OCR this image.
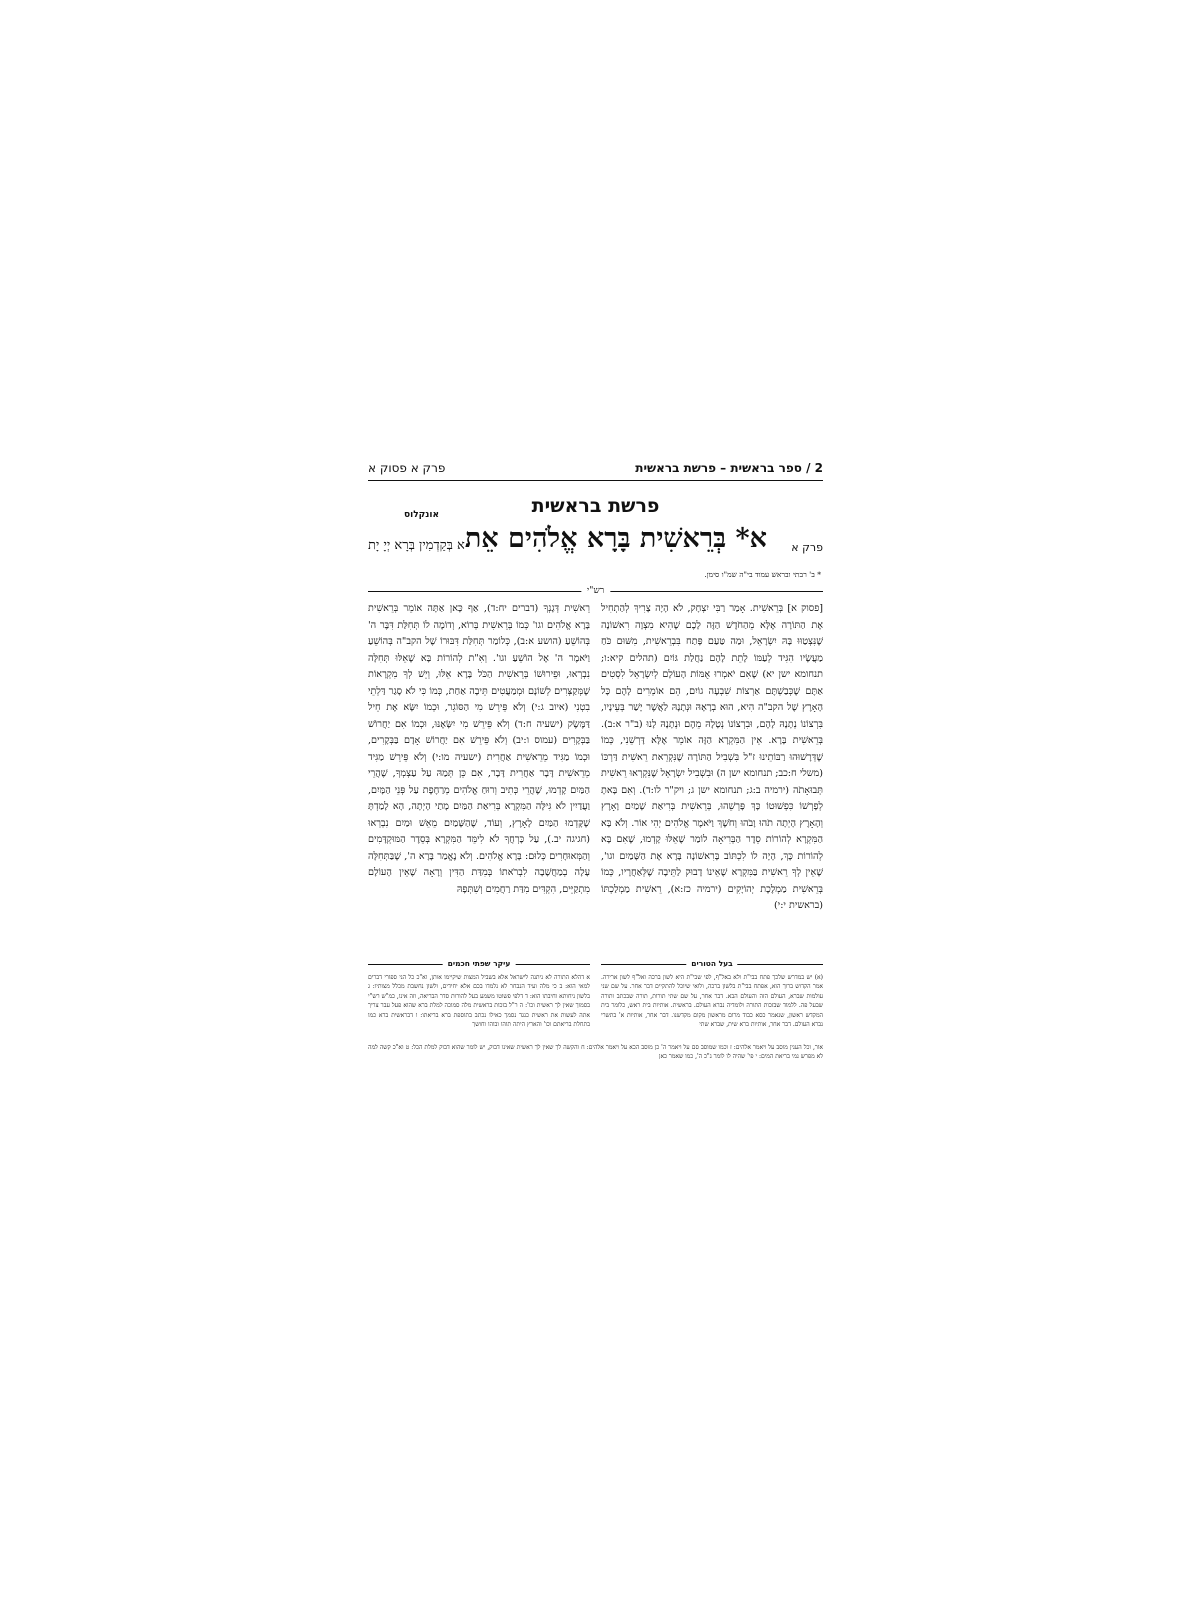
2 / ספר בראשית – פרשת בראשית
פרק א פסוק א
פרשת בראשית
אונקלוס
פרק א
א* בְּרֵאשִׁית בָּרָא אֱלֹהִים אֵת
א בְּקַדְמִין בְּרָא יְיָ יָת
* ב' רבתי ובראש עמוד בי"ה שמ"ו סימן.
רש"י
[פסוק א] בְּרֵאשִׁית. אָמַר רַבִּי יִצְחָק, לֹא הָיָה צָרִיךְ לְהַתְחִיל אֶת הַתּוֹרָה אֶלָּא מֵהַחֹדֶשׁ הַזֶּה לָכֶם שֶׁהִיא מִצְוָה רִאשׁוֹנָה שֶׁנִּצְטַוּוּ בָּהּ יִשְׂרָאֵל, וּמַה טַּעַם פָּתַח בִּבְרֵאשִׁית, מִשּׁוּם כֹּחַ מַעֲשָׂיו הִגִּיד לְעַמּוֹ לָתֵת לָהֶם נַחֲלַת גּוֹיִם (תהלים קיא:ו; תנחומא ישן יא) שֶׁאִם יֹאמְרוּ אֻמּוֹת הָעוֹלָם לְיִשְׂרָאֵל לִסְטִים אַתֶּם שֶׁכְּבַשְׁתֶּם אַרְצוֹת שִׁבְעָה גוֹיִם, הֵם אוֹמְרִים לָהֶם כָּל הָאָרֶץ שֶׁל הקב"ה הִיא, הוּא בְרָאָהּ וּנְתָנָהּ לַאֲשֶׁר יָשַׁר בְּעֵינָיו, בִּרְצוֹנוֹ נְתָנָהּ לָהֶם, וּבִרְצוֹנוֹ נְטָלָהּ מֵהֶם וּנְתָנָהּ לָנוּ (ב"ר א:ב). בְּרֵאשִׁית בָּרָא. אֵין הַמִּקְרָא הַזֶּה אוֹמֵר אֶלָּא דָּרְשֵׁנִי, כְּמוֹ שֶׁדְּרָשׁוּהוּ רַבּוֹתֵינוּ ז"ל בִּשְׁבִיל הַתּוֹרָה שֶׁנִּקְרֵאת רֵאשִׁית דַּרְכּוֹ (משלי ח:כב; תנחומא ישן ה) וּבִשְׁבִיל יִשְׂרָאֵל שֶׁנִּקְרְאוּ רֵאשִׁית תְּבוּאָתֹה (ירמיה ב:ג; תנחומא ישן ג; ויק"ר לו:ד). וְאִם בָּאתָ לְפָרְשׁוֹ כִּפְשׁוּטוֹ כָּךְ פָּרְשֵׁהוּ, בְּרֵאשִׁית בְּרִיאַת שָׁמַיִם וָאָרֶץ וְהָאָרֶץ הָיְתָה תֹהוּ וָבֹהוּ וְחֹשֶׁךְ וַיֹּאמֶר אֱלֹהִים יְהִי אוֹר. וְלֹא בָּא הַמִּקְרָא לְהוֹרוֹת סֵדֶר הַבְּרִיאָה לוֹמַר שֶׁאֵלּוּ קָדְמוּ, שֶׁאִם בָּא לְהוֹרוֹת כָּךְ, הָיָה לוֹ לִכְתּוֹב בָּרִאשׁוֹנָה בָּרָא אֶת הַשָּׁמַיִם וגו', שֶׁאֵין לְךָ רֵאשִׁית בַּמִּקְרָא שֶׁאֵינוֹ דָבוּק לַתֵּיבָה שֶׁלְּאַחֲרָיו, כְּמוֹ בְּרֵאשִׁית מַמְלֶכֶת יְהוֹיָקִים (ירמיה כז:א), רֵאשִׁית מַמְלַכְתּוֹ (בראשית י:י)
רֵאשִׁית דְּגָנְךָ (דברים יח:ד), אַף כָּאן אַתָּה אוֹמֵר בְּרֵאשִׁית בָּרָא אֱלֹהִים וגו' כְּמוֹ בְּרֵאשִׁית בְּרוֹא, וְדוֹמֶה לוֹ תְּחִלַּת דִּבֶּר ה' בְּהוֹשֵׁעַ (הושע א:ב), כְּלוֹמַר תְּחִלַּת דִּבּוּרוֹ שֶׁל הקב"ה בְּהוֹשֵׁעַ וַיֹּאמֶר ה' אֶל הוֹשֵׁעַ וגו'. וְאִ"ת לְהוֹרוֹת בָּא שֶׁאֵלּוּ תְּחִלָּה נִבְרְאוּ, וּפֵירוּשׁוֹ בְּרֵאשִׁית הַכֹּל בָּרָא אֵלּוּ, וְיֵשׁ לְךָ מִקְרָאוֹת שֶׁמְּקַצְּרִים לְשׁוֹנָם וּמְמַעֲטִים תֵּיבָה אַחַת, כְּמוֹ כִּי לֹא סָגַר דַּלְתֵי בִטְנִי (איוב ג:י) וְלֹא פֵּירֵשׁ מִי הַסּוֹגֵר, וּכְמוֹ יִשָּׂא אֶת חֵיל דַּמֶּשֶׂק (ישעיה ח:ד) וְלֹא פֵּירֵשׁ מִי יִשָּׂאֶנּוּ, וּכְמוֹ אִם יַחֲרוֹשׁ בַּבְּקָרִים (עמוס ו:יב) וְלֹא פֵּירֵשׁ אִם יַחֲרוֹשׁ אָדָם בַּבְּקָרִים, וּכְמוֹ מַגִּיד מֵרֵאשִׁית אַחֲרִית (ישעיה מו:י) וְלֹא פֵּירֵשׁ מַגִּיד מֵרֵאשִׁית דָּבָר אַחֲרִית דָּבָר, אִם כֵּן תְּמַהּ עַל עַצְמְךָ, שֶׁהֲרֵי הַמַּיִם קָדְמוּ, שֶׁהֲרֵי כְּתִיב וְרוּחַ אֱלֹהִים מְרַחֶפֶת עַל פְּנֵי הַמָּיִם, וַעֲדַיִין לֹא גִּילָּה הַמִּקְרָא בְּרִיאַת הַמַּיִם מָתַי הָיְתָה, הָא לָמַדְתָּ שֶׁקָּדְמוּ הַמַּיִם לָאָרֶץ, וְעוֹד, שֶׁהַשָּׁמַיִם מֵאֵשׁ וּמַיִם נִבְרְאוּ (חגיגה יב.), עַל כָּרְחֲךָ לֹא לִימֵּד הַמִּקְרָא בְּסֵדֶר הַמּוּקְדָּמִים וְהַמְּאוּחָרִים כְּלוּם: בָּרָא אֱלֹהִים. וְלֹא נֶאֱמַר בָּרָא ה', שֶׁבַּתְּחִלָּה עָלָה בְמַחֲשָׁבָה לִבְרֹאתוֹ בְּמִדַּת הַדִּין וְרָאָה שֶׁאֵין הָעוֹלָם מִתְקַיֵּים, הִקְדִּים מִדַּת רַחֲמִים וְשִׁתְּפָהּ
בעל הטורים
(א) יש במדרש שלכך פתח בבי"ת ולא באל"ף, לפי שבי"ת היא לשון ברכה ואל"ף לשון ארירה. אמר הקדוש ברוך הוא, אפתח בבי"ת בלשון ברכה, ולואי שיוכל להתקיים דבר אחר. על שם שני עולמות שברא, העולם הזה והעולם הבא. דבר אחר, על שם שתי תורות, תורה שבכתב ותורה שבעל פה. ללמוד שבזכות התורה ולומדיה נברא העולם. בראשית. אותיות בית ראש, כלומר בית המקדש ראשון, שנאמר כסא כבוד מרום מראשון מקום מקדשנו. דבר אחר, אותיות א' בתשרי נברא העולם. דבר אחר, אותיות ברא שית, שברא שתי
עיקר שפתי חכמים
א דהלא התורה לא ניתנה לישראל אלא בשביל המצות שיקיימו אותן, וא"כ כל הני ספורי דברים למאי הוא: ב כי מלה ועיד הנבחר לא נלמדו בכם אלא יחידים, ולשון נחשבת מכלל מצותיו: ג בלשון ניחותא וחיבתו הוא: ד דלפי פשוטו משמע בעל להורות סדר הבריאה, וזה אינו, כמ"ש רש"י בסמוך שאין לך ראשית וכו': ה ר"ל בזכות בראשית מלה סמוכה למלת ברא שהוא פעל עבר צריך אתה לעשות את ראשית כנגד נסמך כאילו נכתב בתוספת ברא בריאתו: ו דבראשית ברא כמו בתחלת בריאתם וכו' והארץ היתה תוהו ובוהו וחושך
אור, וכל הענין מוסב על ויאמר אלהים: ז וכמו שמוסב סם על ויאמר ה' כן מוסב הכא על ויאמר אלהים: ח והקשה לך שאין לך ראשית שאינו דבוק, יש לומר שהוא דבוק למלת הכל: ט וא"כ קשה למה לא מפרש נמי בריאת המים: י פי' שהיה לו לומר ג"כ ה', כמו שאמר כאן
